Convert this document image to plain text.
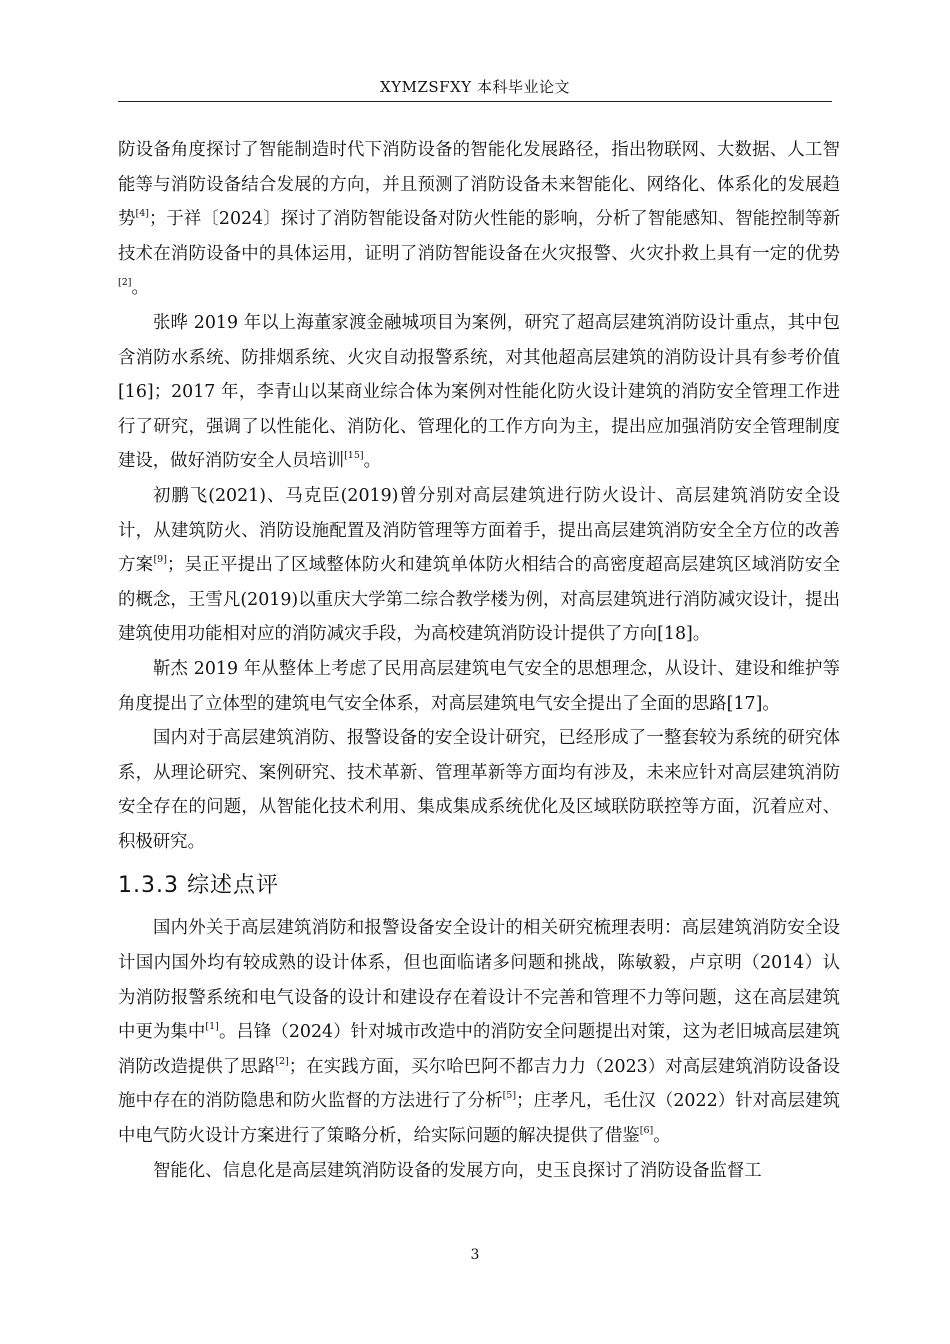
XYMZSFXY 本科毕业论文

防设备角度探讨了智能制造时代下消防设备的智能化发展路径，指出物联网、大数据、人工智能等与消防设备结合发展的方向，并且预测了消防设备未来智能化、网络化、体系化的发展趋势[4]；于祥〔2024〕探讨了消防智能设备对防火性能的影响，分析了智能感知、智能控制等新技术在消防设备中的具体运用，证明了消防智能设备在火灾报警、火灾扑救上具有一定的优势[2]。

张晔 2019 年以上海董家渡金融城项目为案例，研究了超高层建筑消防设计重点，其中包含消防水系统、防排烟系统、火灾自动报警系统，对其他超高层建筑的消防设计具有参考价值[16]；2017 年，李青山以某商业综合体为案例对性能化防火设计建筑的消防安全管理工作进行了研究，强调了以性能化、消防化、管理化的工作方向为主，提出应加强消防安全管理制度建设，做好消防安全人员培训[15]。

初鹏飞(2021)、马克臣(2019)曾分别对高层建筑进行防火设计、高层建筑消防安全设计，从建筑防火、消防设施配置及消防管理等方面着手，提出高层建筑消防安全全方位的改善方案[9]；吴正平提出了区域整体防火和建筑单体防火相结合的高密度超高层建筑区域消防安全的概念，王雪凡(2019)以重庆大学第二综合教学楼为例，对高层建筑进行消防减灾设计，提出建筑使用功能相对应的消防减灾手段，为高校建筑消防设计提供了方向[18]。

靳杰 2019 年从整体上考虑了民用高层建筑电气安全的思想理念，从设计、建设和维护等角度提出了立体型的建筑电气安全体系，对高层建筑电气安全提出了全面的思路[17]。

国内对于高层建筑消防、报警设备的安全设计研究，已经形成了一整套较为系统的研究体系，从理论研究、案例研究、技术革新、管理革新等方面均有涉及，未来应针对高层建筑消防安全存在的问题，从智能化技术利用、集成集成系统优化及区域联防联控等方面，沉着应对、积极研究。

1.3.3 综述点评

国内外关于高层建筑消防和报警设备安全设计的相关研究梳理表明：高层建筑消防安全设计国内国外均有较成熟的设计体系，但也面临诸多问题和挑战，陈敏毅，卢京明（2014）认为消防报警系统和电气设备的设计和建设存在着设计不完善和管理不力等问题，这在高层建筑中更为集中[1]。吕锋（2024）针对城市改造中的消防安全问题提出对策，这为老旧城高层建筑消防改造提供了思路[2]；在实践方面，买尔哈巴阿不都吉力力（2023）对高层建筑消防设备设施中存在的消防隐患和防火监督的方法进行了分析[5]；庄孝凡，毛仕汉（2022）针对高层建筑中电气防火设计方案进行了策略分析，给实际问题的解决提供了借鉴[6]。

智能化、信息化是高层建筑消防设备的发展方向，史玉良探讨了消防设备监督工

3
